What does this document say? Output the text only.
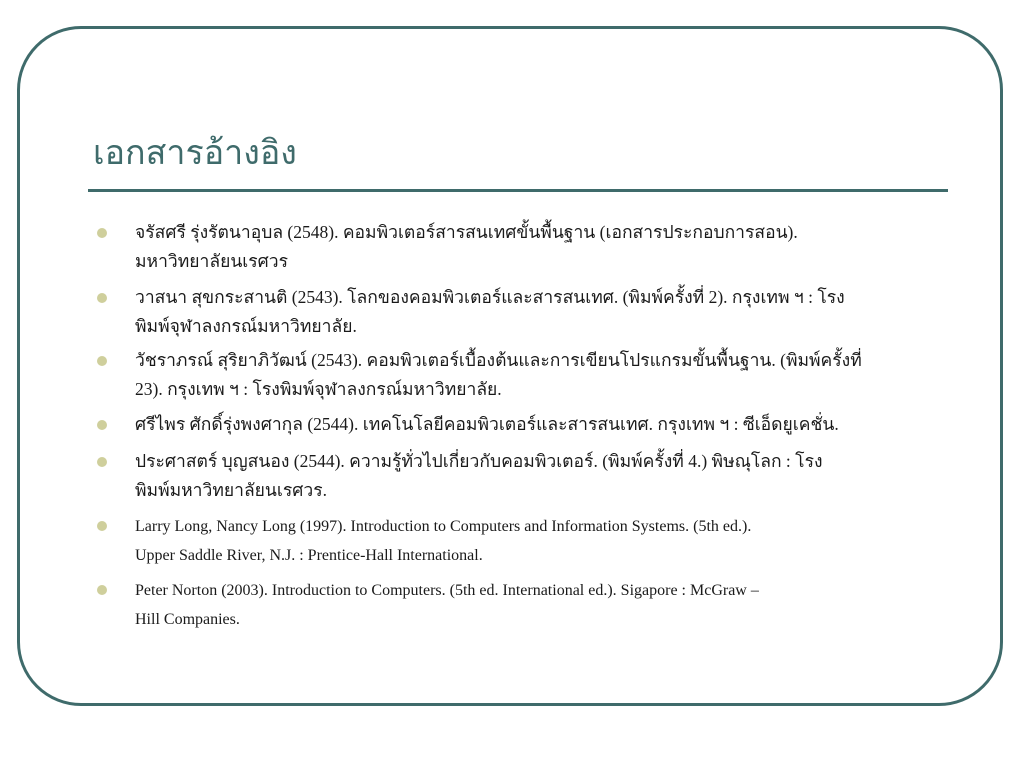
เอกสารอ้างอิง
จรัสศรี รุ่งรัตนาอุบล (2548). คอมพิวเตอร์สารสนเทศขั้นพื้นฐาน (เอกสารประกอบการสอน).
มหาวิทยาลัยนเรศวร
วาสนา สุขกระสานติ (2543). โลกของคอมพิวเตอร์และสารสนเทศ. (พิมพ์ครั้งที่ 2). กรุงเทพ ฯ : โรง
พิมพ์จุฬาลงกรณ์มหาวิทยาลัย.
วัชราภรณ์ สุริยาภิวัฒน์ (2543). คอมพิวเตอร์เบื้องต้นและการเขียนโปรแกรมขั้นพื้นฐาน. (พิมพ์ครั้งที่
23). กรุงเทพ ฯ : โรงพิมพ์จุฬาลงกรณ์มหาวิทยาลัย.
ศรีไพร ศักดิ์รุ่งพงศากุล (2544). เทคโนโลยีคอมพิวเตอร์และสารสนเทศ. กรุงเทพ ฯ : ซีเอ็ดยูเคชั่น.
ประศาสตร์ บุญสนอง (2544). ความรู้ทั่วไปเกี่ยวกับคอมพิวเตอร์. (พิมพ์ครั้งที่ 4.) พิษณุโลก : โรง
พิมพ์มหาวิทยาลัยนเรศวร.
Larry Long, Nancy Long (1997). Introduction to Computers and Information Systems. (5th ed.).
Upper Saddle River, N.J. : Prentice-Hall International.
Peter Norton (2003). Introduction to Computers. (5th ed. International ed.). Sigapore : McGraw –
Hill Companies.
